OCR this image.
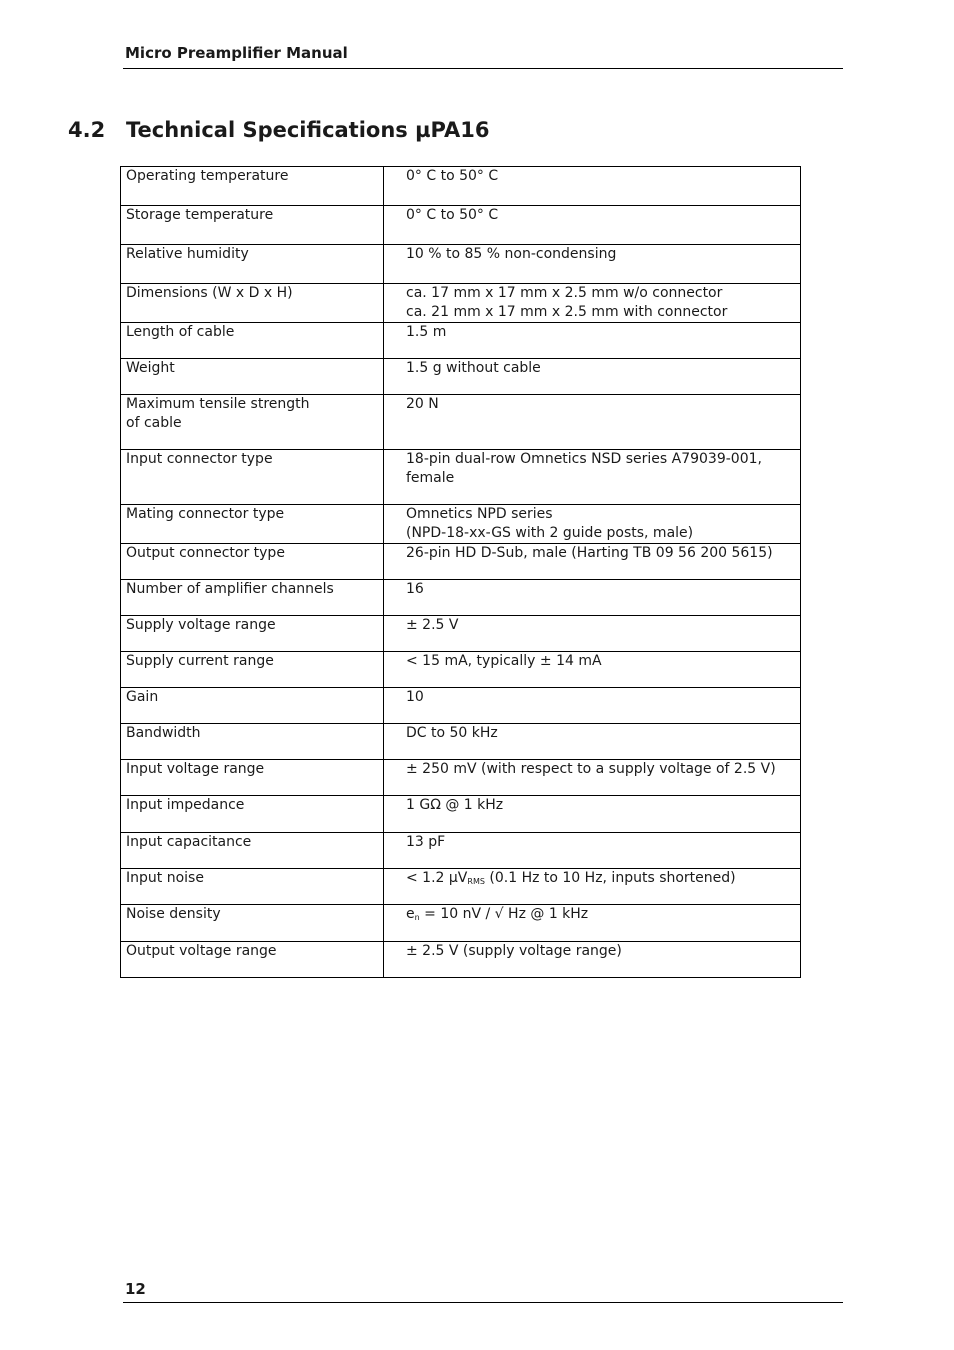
Micro Preamplifier Manual
4.2 Technical Specifications µPA16
Operating temperature	0° C to 50° C

Storage temperature	0° C to 50° C

Relative humidity	10 % to 85 % non-condensing

Dimensions (W x D x H)	ca. 17 mm x 17 mm x 2.5 mm w/o connector
ca. 21 mm x 17 mm x 2.5 mm with connector

Length of cable	1.5 m

Weight	1.5 g without cable

Maximum tensile strength
of cable	20 N

Input connector type	18-pin dual-row Omnetics NSD series A79039-001,
female

Mating connector type	Omnetics NPD series
(NPD-18-xx-GS with 2 guide posts, male)

Output connector type	26-pin HD D-Sub, male (Harting TB 09 56 200 5615)

Number of amplifier channels	16

Supply voltage range	± 2.5 V

Supply current range	< 15 mA, typically ± 14 mA

Gain	10

Bandwidth	DC to 50 kHz

Input voltage range	± 250 mV (with respect to a supply voltage of 2.5 V)

Input impedance	1 GΩ @ 1 kHz

Input capacitance	13 pF

Input noise	< 1.2 µV$_{RMS}$ (0.1 Hz to 10 Hz, inputs shortened)

Noise density	$e_n = 10$ nV / √ Hz @ 1 kHz

Output voltage range	± 2.5 V (supply voltage range)
12
